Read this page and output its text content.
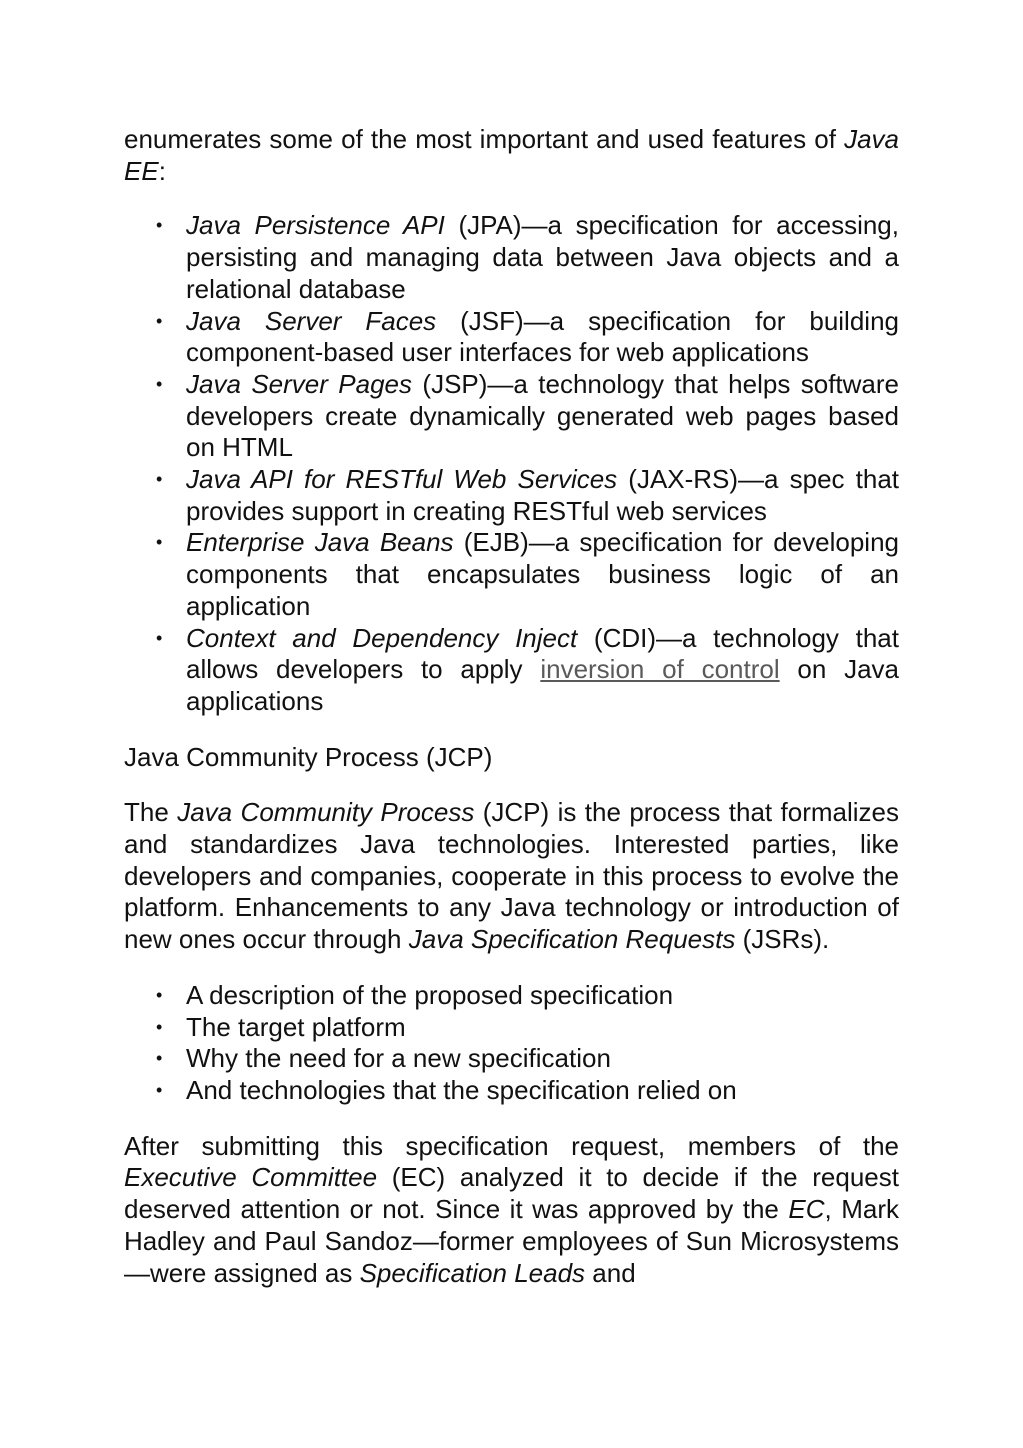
enumerates some of the most important and used features of Java EE:

• Java Persistence API (JPA)—a specification for accessing, persisting and managing data between Java objects and a relational database
• Java Server Faces (JSF)—a specification for building component-based user interfaces for web applications
• Java Server Pages (JSP)—a technology that helps software developers create dynamically generated web pages based on HTML
• Java API for RESTful Web Services (JAX-RS)—a spec that provides support in creating RESTful web services
• Enterprise Java Beans (EJB)—a specification for developing components that encapsulates business logic of an application
• Context and Dependency Inject (CDI)—a technology that allows developers to apply inversion of control on Java applications

Java Community Process (JCP)

The Java Community Process (JCP) is the process that formalizes and standardizes Java technologies. Interested parties, like developers and companies, cooperate in this process to evolve the platform. Enhancements to any Java technology or introduction of new ones occur through Java Specification Requests (JSRs).

• A description of the proposed specification
• The target platform
• Why the need for a new specification
• And technologies that the specification relied on

After submitting this specification request, members of the Executive Committee (EC) analyzed it to decide if the request deserved attention or not. Since it was approved by the EC, Mark Hadley and Paul Sandoz—former employees of Sun Microsystems—were assigned as Specification Leads and
